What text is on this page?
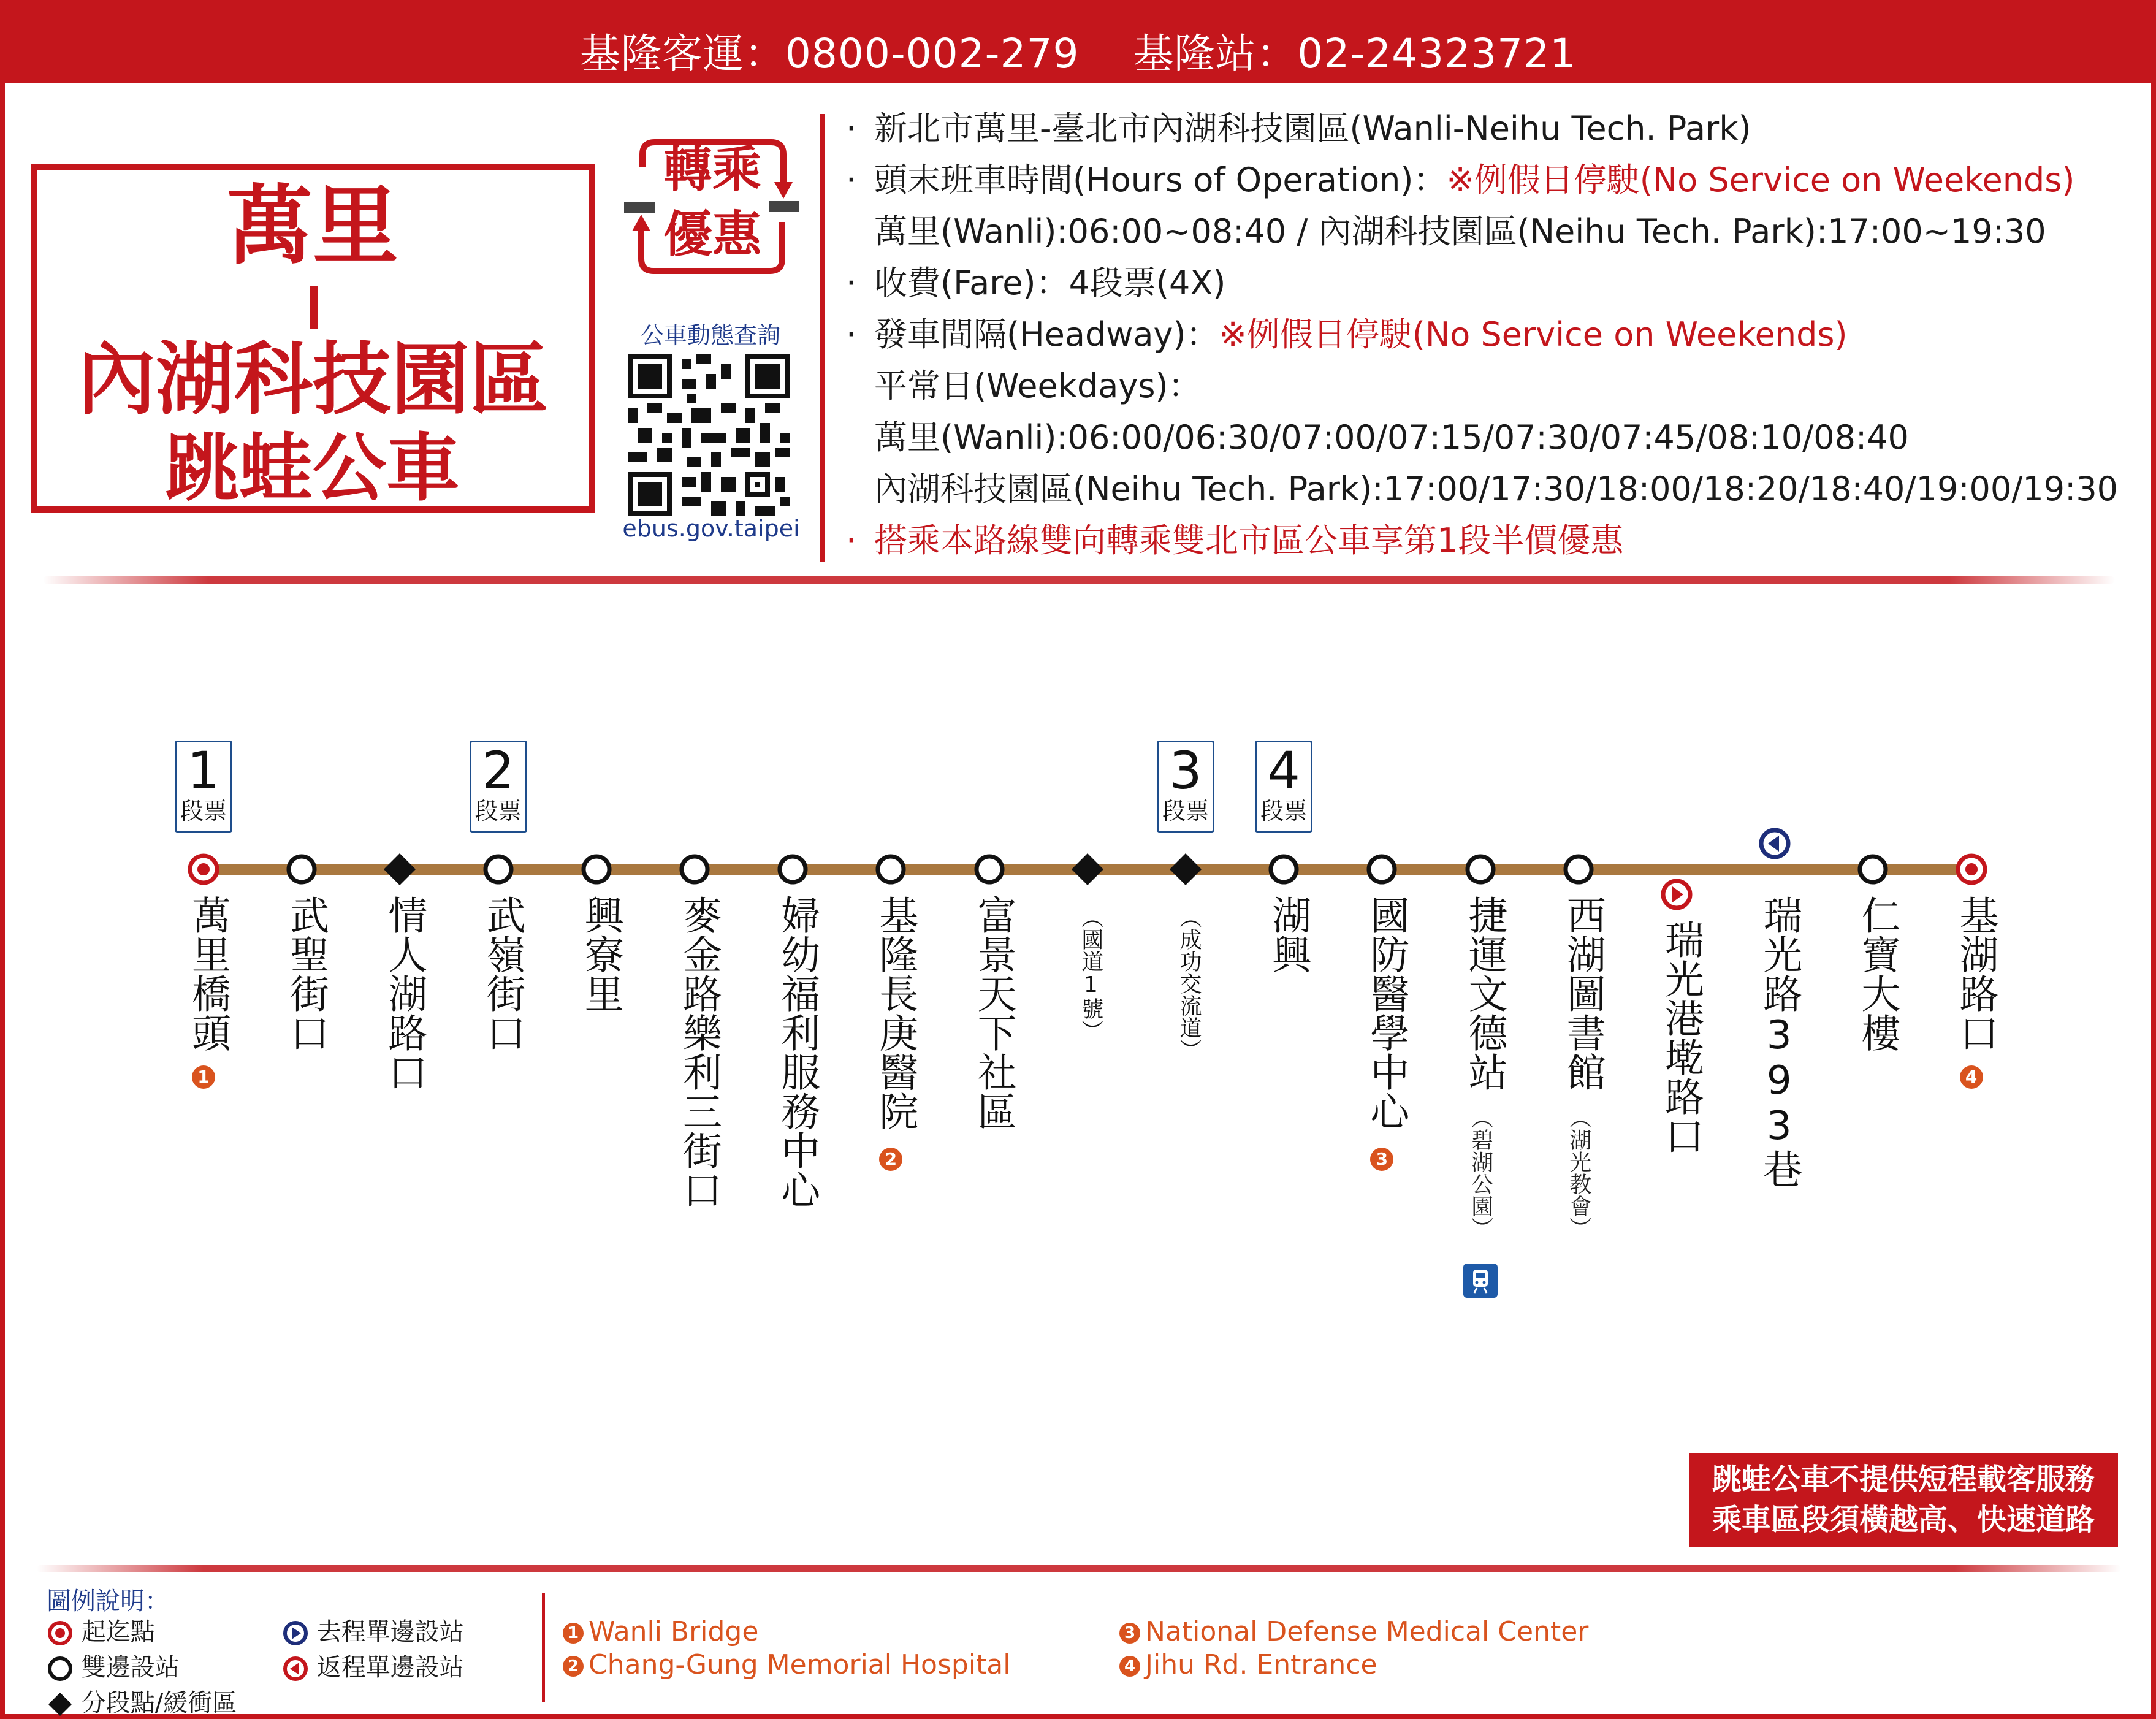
基隆客運：0800-002-279    基隆站：02-24323721
萬里
內湖科技園區
跳蛙公車
轉乘
優惠
公車動態查詢
ebus.gov.taipei
· 新北市萬里-臺北市內湖科技園區(Wanli-Neihu Tech. Park)
· 頭末班車時間(Hours of Operation)：※例假日停駛(No Service on Weekends)
萬里(Wanli):06:00~08:40 / 內湖科技園區(Neihu Tech. Park):17:00~19:30
· 收費(Fare)：4段票(4X)
· 發車間隔(Headway)：※例假日停駛(No Service on Weekends)
平常日(Weekdays)：
萬里(Wanli):06:00/06:30/07:00/07:15/07:30/07:45/08:10/08:40
內湖科技園區(Neihu Tech. Park):17:00/17:30/18:00/18:20/18:40/19:00/19:30
· 搭乘本路線雙向轉乘雙北市區公車享第1段半價優惠
1
段票
2
段票
3
段票
4
段票
萬里橋頭
1
武聖街口 情人湖路口 武嶺街口 興寮里 麥金路樂利三街口 婦幼福利服務中心 基隆長庚醫院
2
富景天下社區	（國道1號）	（成功交流道） 湖興 國防醫學中心
3
捷運文德站
（碧湖公園）
西湖圖書館
（湖光教會）
瑞光港墘路口 瑞光路393巷 仁寶大樓 基湖路口
4
跳蛙公車不提供短程載客服務
乘車區段須橫越高、快速道路
圖例說明：
起迄點
雙邊設站
分段點/緩衝區
去程單邊設站
返程單邊設站
1 Wanli Bridge
2 Chang-Gung Memorial Hospital
3 National Defense Medical Center
4 Jihu Rd. Entrance
